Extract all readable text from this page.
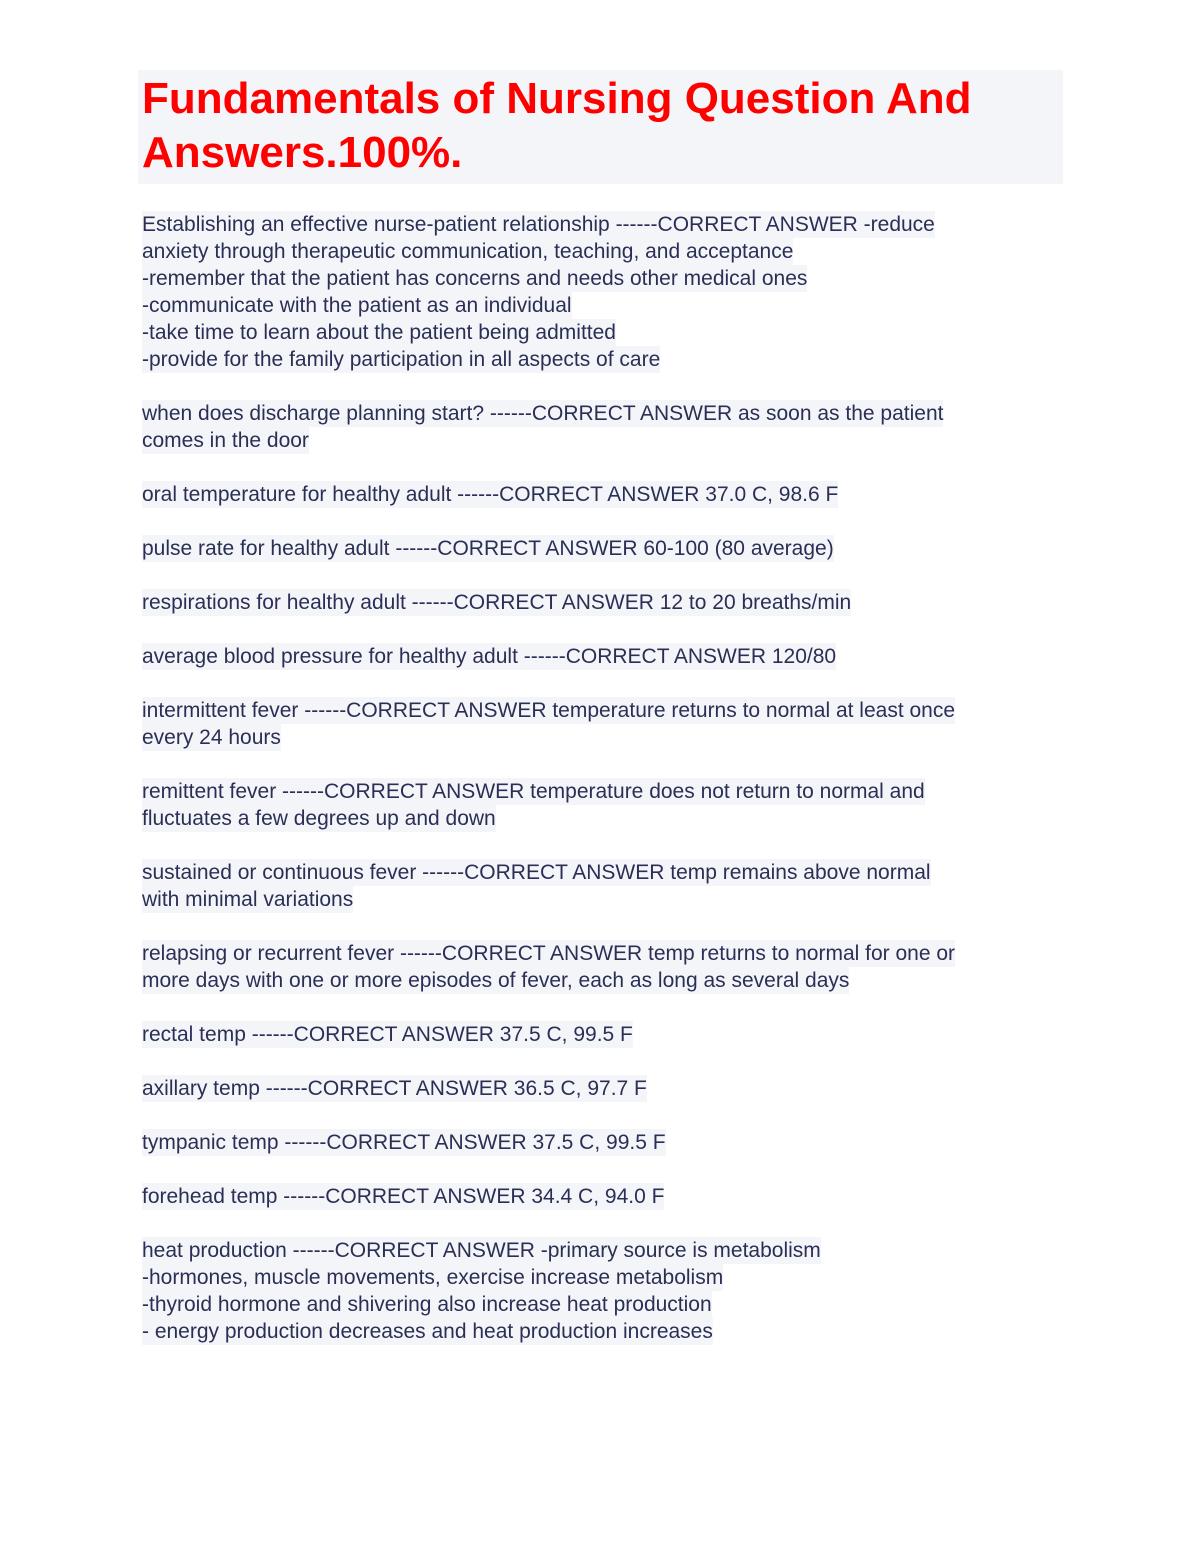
Fundamentals of Nursing Question And
Answers.100%.
Establishing an effective nurse-patient relationship ------CORRECT ANSWER -reduce
anxiety through therapeutic communication, teaching, and acceptance
-remember that the patient has concerns and needs other medical ones
-communicate with the patient as an individual
-take time to learn about the patient being admitted
-provide for the family participation in all aspects of care
when does discharge planning start? ------CORRECT ANSWER as soon as the patient
comes in the door
oral temperature for healthy adult ------CORRECT ANSWER 37.0 C, 98.6 F
pulse rate for healthy adult ------CORRECT ANSWER 60-100 (80 average)
respirations for healthy adult ------CORRECT ANSWER 12 to 20 breaths/min
average blood pressure for healthy adult ------CORRECT ANSWER 120/80
intermittent fever ------CORRECT ANSWER temperature returns to normal at least once
every 24 hours
remittent fever ------CORRECT ANSWER temperature does not return to normal and
fluctuates a few degrees up and down
sustained or continuous fever ------CORRECT ANSWER temp remains above normal
with minimal variations
relapsing or recurrent fever ------CORRECT ANSWER temp returns to normal for one or
more days with one or more episodes of fever, each as long as several days
rectal temp ------CORRECT ANSWER 37.5 C, 99.5 F
axillary temp ------CORRECT ANSWER 36.5 C, 97.7 F
tympanic temp ------CORRECT ANSWER 37.5 C, 99.5 F
forehead temp ------CORRECT ANSWER 34.4 C, 94.0 F
heat production ------CORRECT ANSWER -primary source is metabolism
-hormones, muscle movements, exercise increase metabolism
-thyroid hormone and shivering also increase heat production
- energy production decreases and heat production increases
